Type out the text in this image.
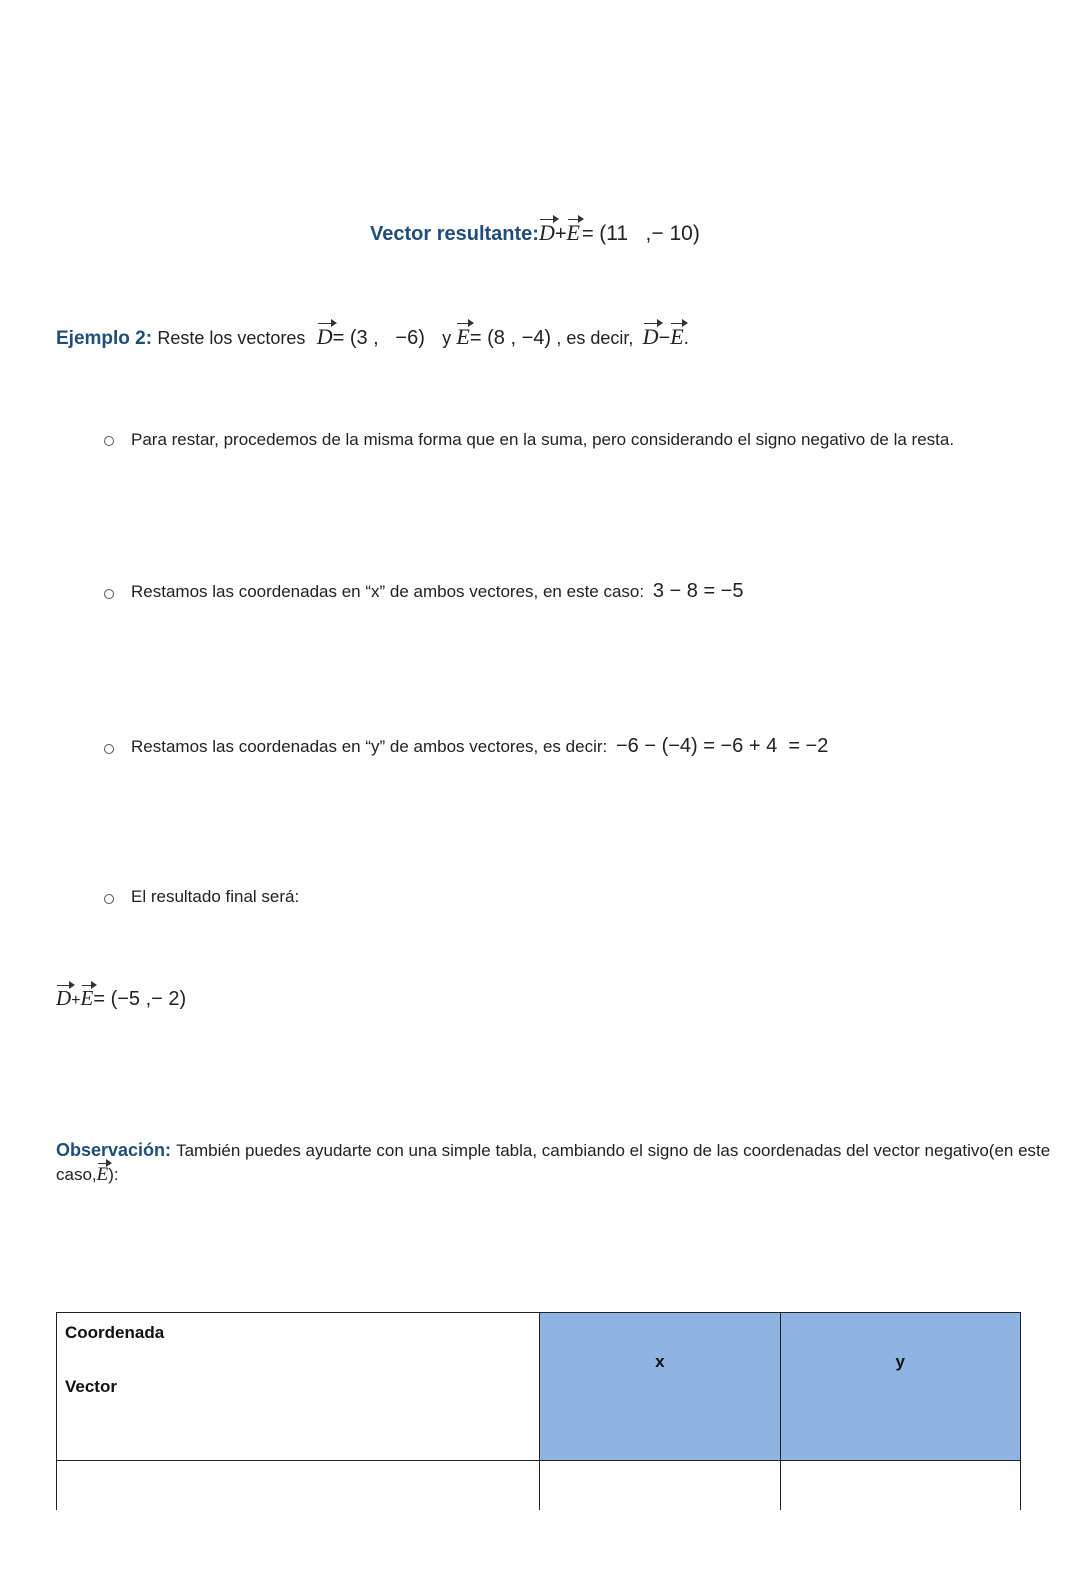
Vector resultante:D+E = (11   ,− 10)
Ejemplo 2: Reste los vectores D= (3 ,   −6) y E= (8 , −4) , es decir, D−E.
Para restar, procedemos de la misma forma que en la suma, pero considerando el signo negativo de la resta.
Restamos las coordenadas en “x” de ambos vectores, en este caso: 3 − 8 = −5
Restamos las coordenadas en “y” de ambos vectores, es decir: −6 − (−4) = −6 + 4  = −2
El resultado final será:
D+E= (−5 ,− 2)
Observación: También puedes ayudarte con una simple tabla, cambiando el signo de las coordenadas del vector negativo(en este
caso,E):
Coordenada
Vector	x	y
